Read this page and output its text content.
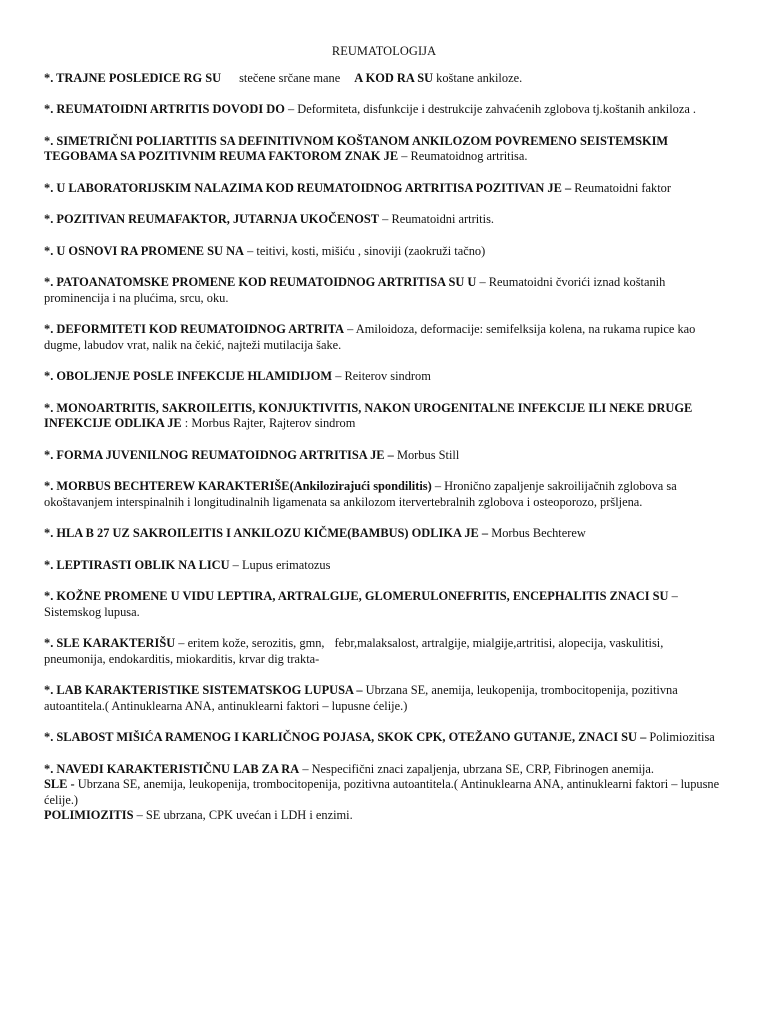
REUMATOLOGIJA

*. TRAJNE POSLEDICE RG SU stečene srčane mane A KOD RA SU koštane ankiloze.

*. REUMATOIDNI ARTRITIS DOVODI DO – Deformiteta, disfunkcije i destrukcije zahvaćenih zglobova tj.koštanih ankiloza .

*. SIMETRIČNI POLIARTITIS SA DEFINITIVNOM KOŠTANOM ANKILOZOM POVREMENO SEISTEMSKIM TEGOBAMA SA POZITIVNIM REUMA FAKTOROM ZNAK JE – Reumatoidnog artritisa.

*. U LABORATORIJSKIM NALAZIMA KOD REUMATOIDNOG ARTRITISA POZITIVAN JE – Reumatoidni faktor

*. POZITIVAN REUMAFAKTOR, JUTARNJA UKOČENOST – Reumatoidni artritis.

*. U OSNOVI RA PROMENE SU NA – teitivi, kosti, mišiću , sinoviji (zaokruži tačno)

*. PATOANATOMSKE PROMENE KOD REUMATOIDNOG ARTRITISA SU U – Reumatoidni čvorići iznad koštanih prominencija i na plućima, srcu, oku.

*. DEFORMITETI KOD REUMATOIDNOG ARTRITA – Amiloidoza, deformacije: semifelksija kolena, na rukama rupice kao dugme, labudov vrat, nalik na čekić, najteži mutilacija šake.

*. OBOLJENJE POSLE INFEKCIJE HLAMIDIJOM – Reiterov sindrom

*. MONOARTRITIS, SAKROILEITIS, KONJUKTIVITIS, NAKON UROGENITALNE INFEKCIJE ILI NEKE DRUGE INFEKCIJE ODLIKA JE : Morbus Rajter, Rajterov sindrom

*. FORMA JUVENILNOG REUMATOIDNOG ARTRITISA JE – Morbus Still

*. MORBUS BECHTEREW KARAKTERIŠE(Ankilozirajući spondilitis) – Hronično zapaljenje sakroilijačnih zglobova sa okoštavanjem interspinalnih i longitudinalnih ligamenata sa ankilozom itervertebralnih zglobova i osteoporozo, pršljena.

*. HLA B 27 UZ SAKROILEITIS I ANKILOZU KIČME(BAMBUS) ODLIKA JE – Morbus Bechterew

*. LEPTIRASTI OBLIK NA LICU – Lupus erimatozus

*. KOŽNE PROMENE U VIDU LEPTIRA, ARTRALGIJE, GLOMERULONEFRITIS, ENCEPHALITIS ZNACI SU – Sistemskog lupusa.

*. SLE KARAKTERIŠU – eritem kože, serozitis, gmn, febr,malaksalost, artralgije, mialgije,artritisi, alopecija, vaskulitisi, pneumonija, endokarditis, miokarditis, krvar dig trakta-

*. LAB KARAKTERISTIKE SISTEMATSKOG LUPUSA – Ubrzana SE, anemija, leukopenija, trombocitopenija, pozitivna autoantitela.( Antinuklearna ANA, antinuklearni faktori – lupusne ćelije.)

*. SLABOST MIŠIĆA RAMENOG I KARLIČNOG POJASA, SKOK CPK, OTEŽANO GUTANJE, ZNACI SU – Polimiozitisa

*. NAVEDI KARAKTERISTIČNU LAB ZA RA – Nespecifični znaci zapaljenja, ubrzana SE, CRP, Fibrinogen anemija.
SLE - Ubrzana SE, anemija, leukopenija, trombocitopenija, pozitivna autoantitela.( Antinuklearna ANA, antinuklearni faktori – lupusne ćelije.)
POLIMIOZITIS – SE ubrzana, CPK uvećan i LDH i enzimi.
